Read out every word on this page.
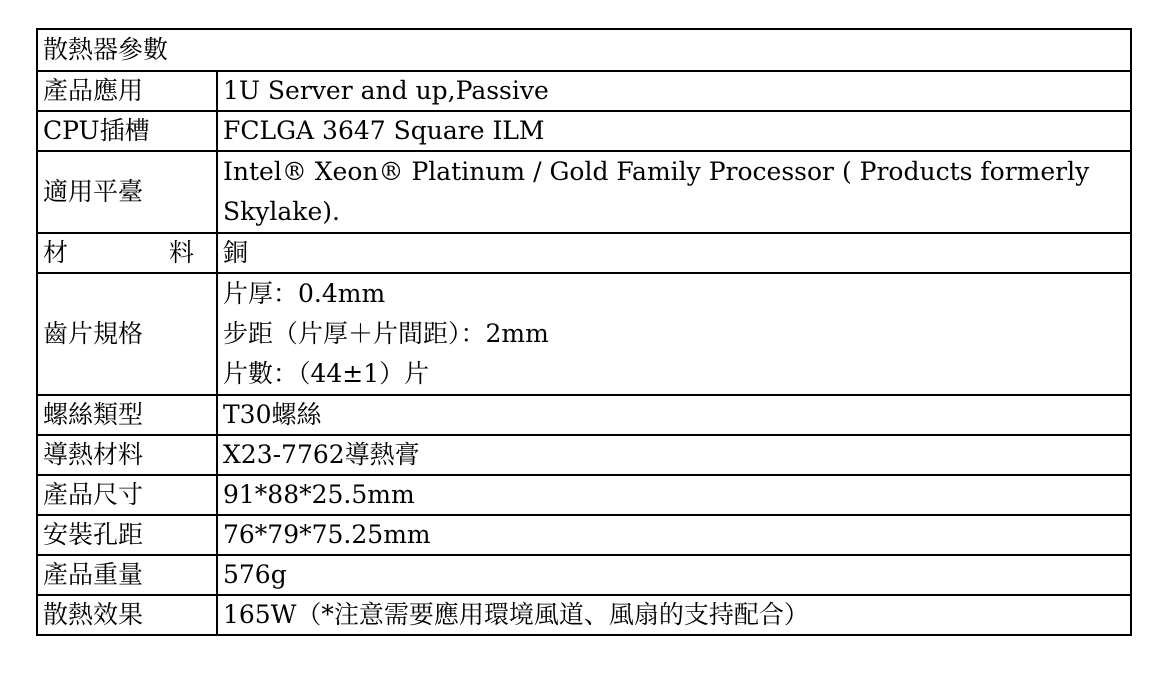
散熱器參數	
產品應用	1U Server and up,Passive
CPU插槽	FCLGA 3647 Square ILM
適用平臺	Intel® Xeon® Platinum / Gold Family Processor ( Products formerly Skylake).

材 料	銅
齒片規格	片厚：0.4mm
步距（片厚＋片間距）：2mm
片數：（44±1）片

螺絲類型	T30螺絲
導熱材料	X23-7762導熱膏
產品尺寸	91*88*25.5mm
安裝孔距	76*79*75.25mm
產品重量	576g
散熱效果	165W（*注意需要應用環境風道、風扇的支持配合）
